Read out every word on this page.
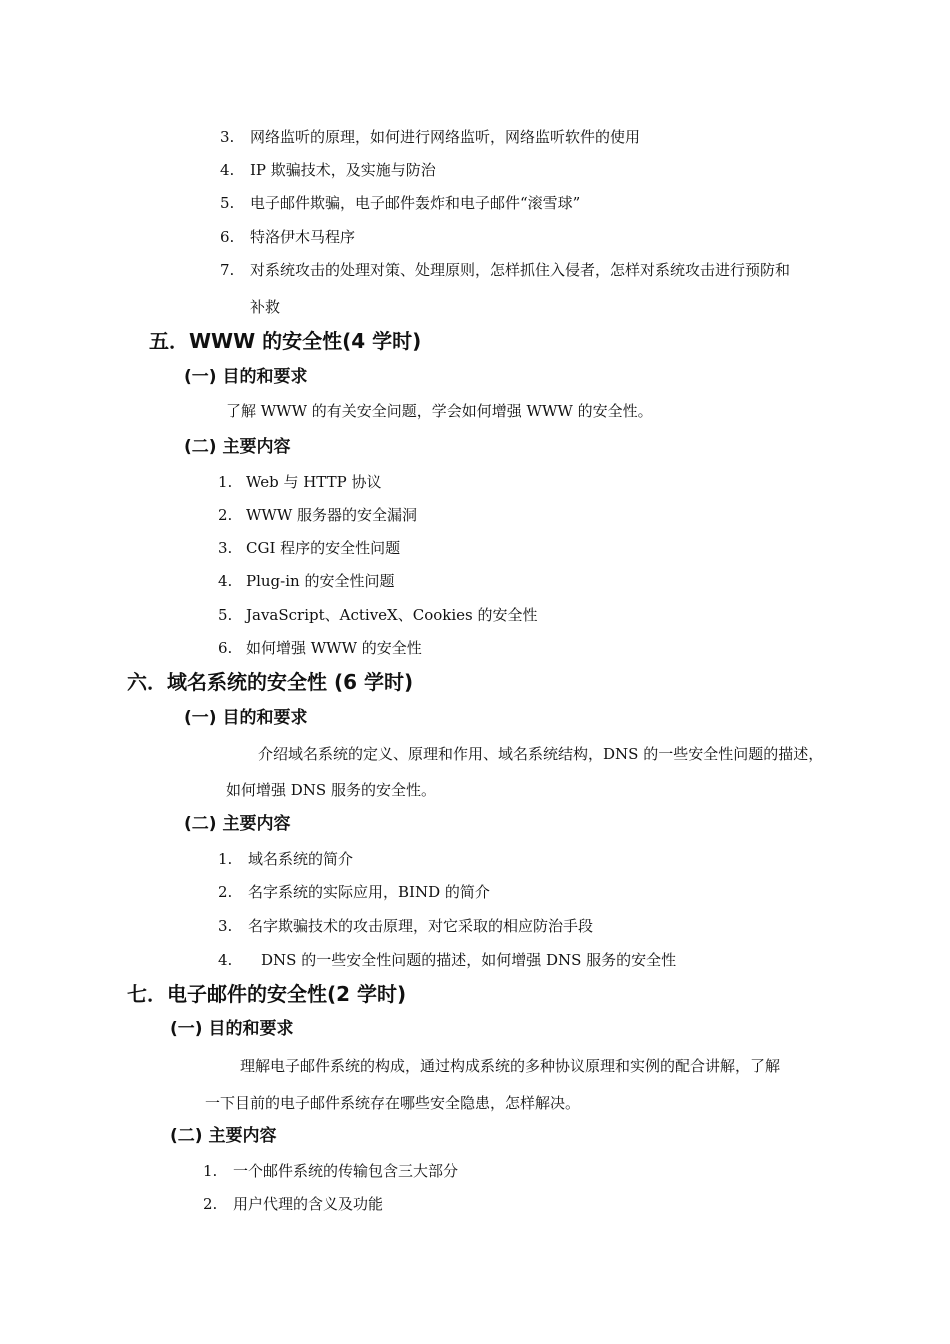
3. 网络监听的原理，如何进行网络监听，网络监听软件的使用
4. IP 欺骗技术，及实施与防治
5. 电子邮件欺骗，电子邮件轰炸和电子邮件“滚雪球”
6. 特洛伊木马程序
7. 对系统攻击的处理对策、处理原则，怎样抓住入侵者，怎样对系统攻击进行预防和
补救
五．WWW 的安全性(4 学时)
(一) 目的和要求
了解 WWW 的有关安全问题，学会如何增强 WWW 的安全性。
(二) 主要内容
1. Web 与 HTTP 协议
2. WWW 服务器的安全漏洞
3. CGI 程序的安全性问题
4. Plug-in 的安全性问题
5. JavaScript、ActiveX、Cookies 的安全性
6. 如何增强 WWW 的安全性
六．域名系统的安全性 (6 学时)
(一) 目的和要求
介绍域名系统的定义、原理和作用、域名系统结构，DNS 的一些安全性问题的描述，
如何增强 DNS 服务的安全性。
(二) 主要内容
1. 域名系统的简介
2. 名字系统的实际应用，BIND 的简介
3. 名字欺骗技术的攻击原理，对它采取的相应防治手段
4. DNS 的一些安全性问题的描述，如何增强 DNS 服务的安全性
七．电子邮件的安全性(2 学时)
(一) 目的和要求
理解电子邮件系统的构成，通过构成系统的多种协议原理和实例的配合讲解，了解
一下目前的电子邮件系统存在哪些安全隐患，怎样解决。
(二) 主要内容
1. 一个邮件系统的传输包含三大部分
2. 用户代理的含义及功能
